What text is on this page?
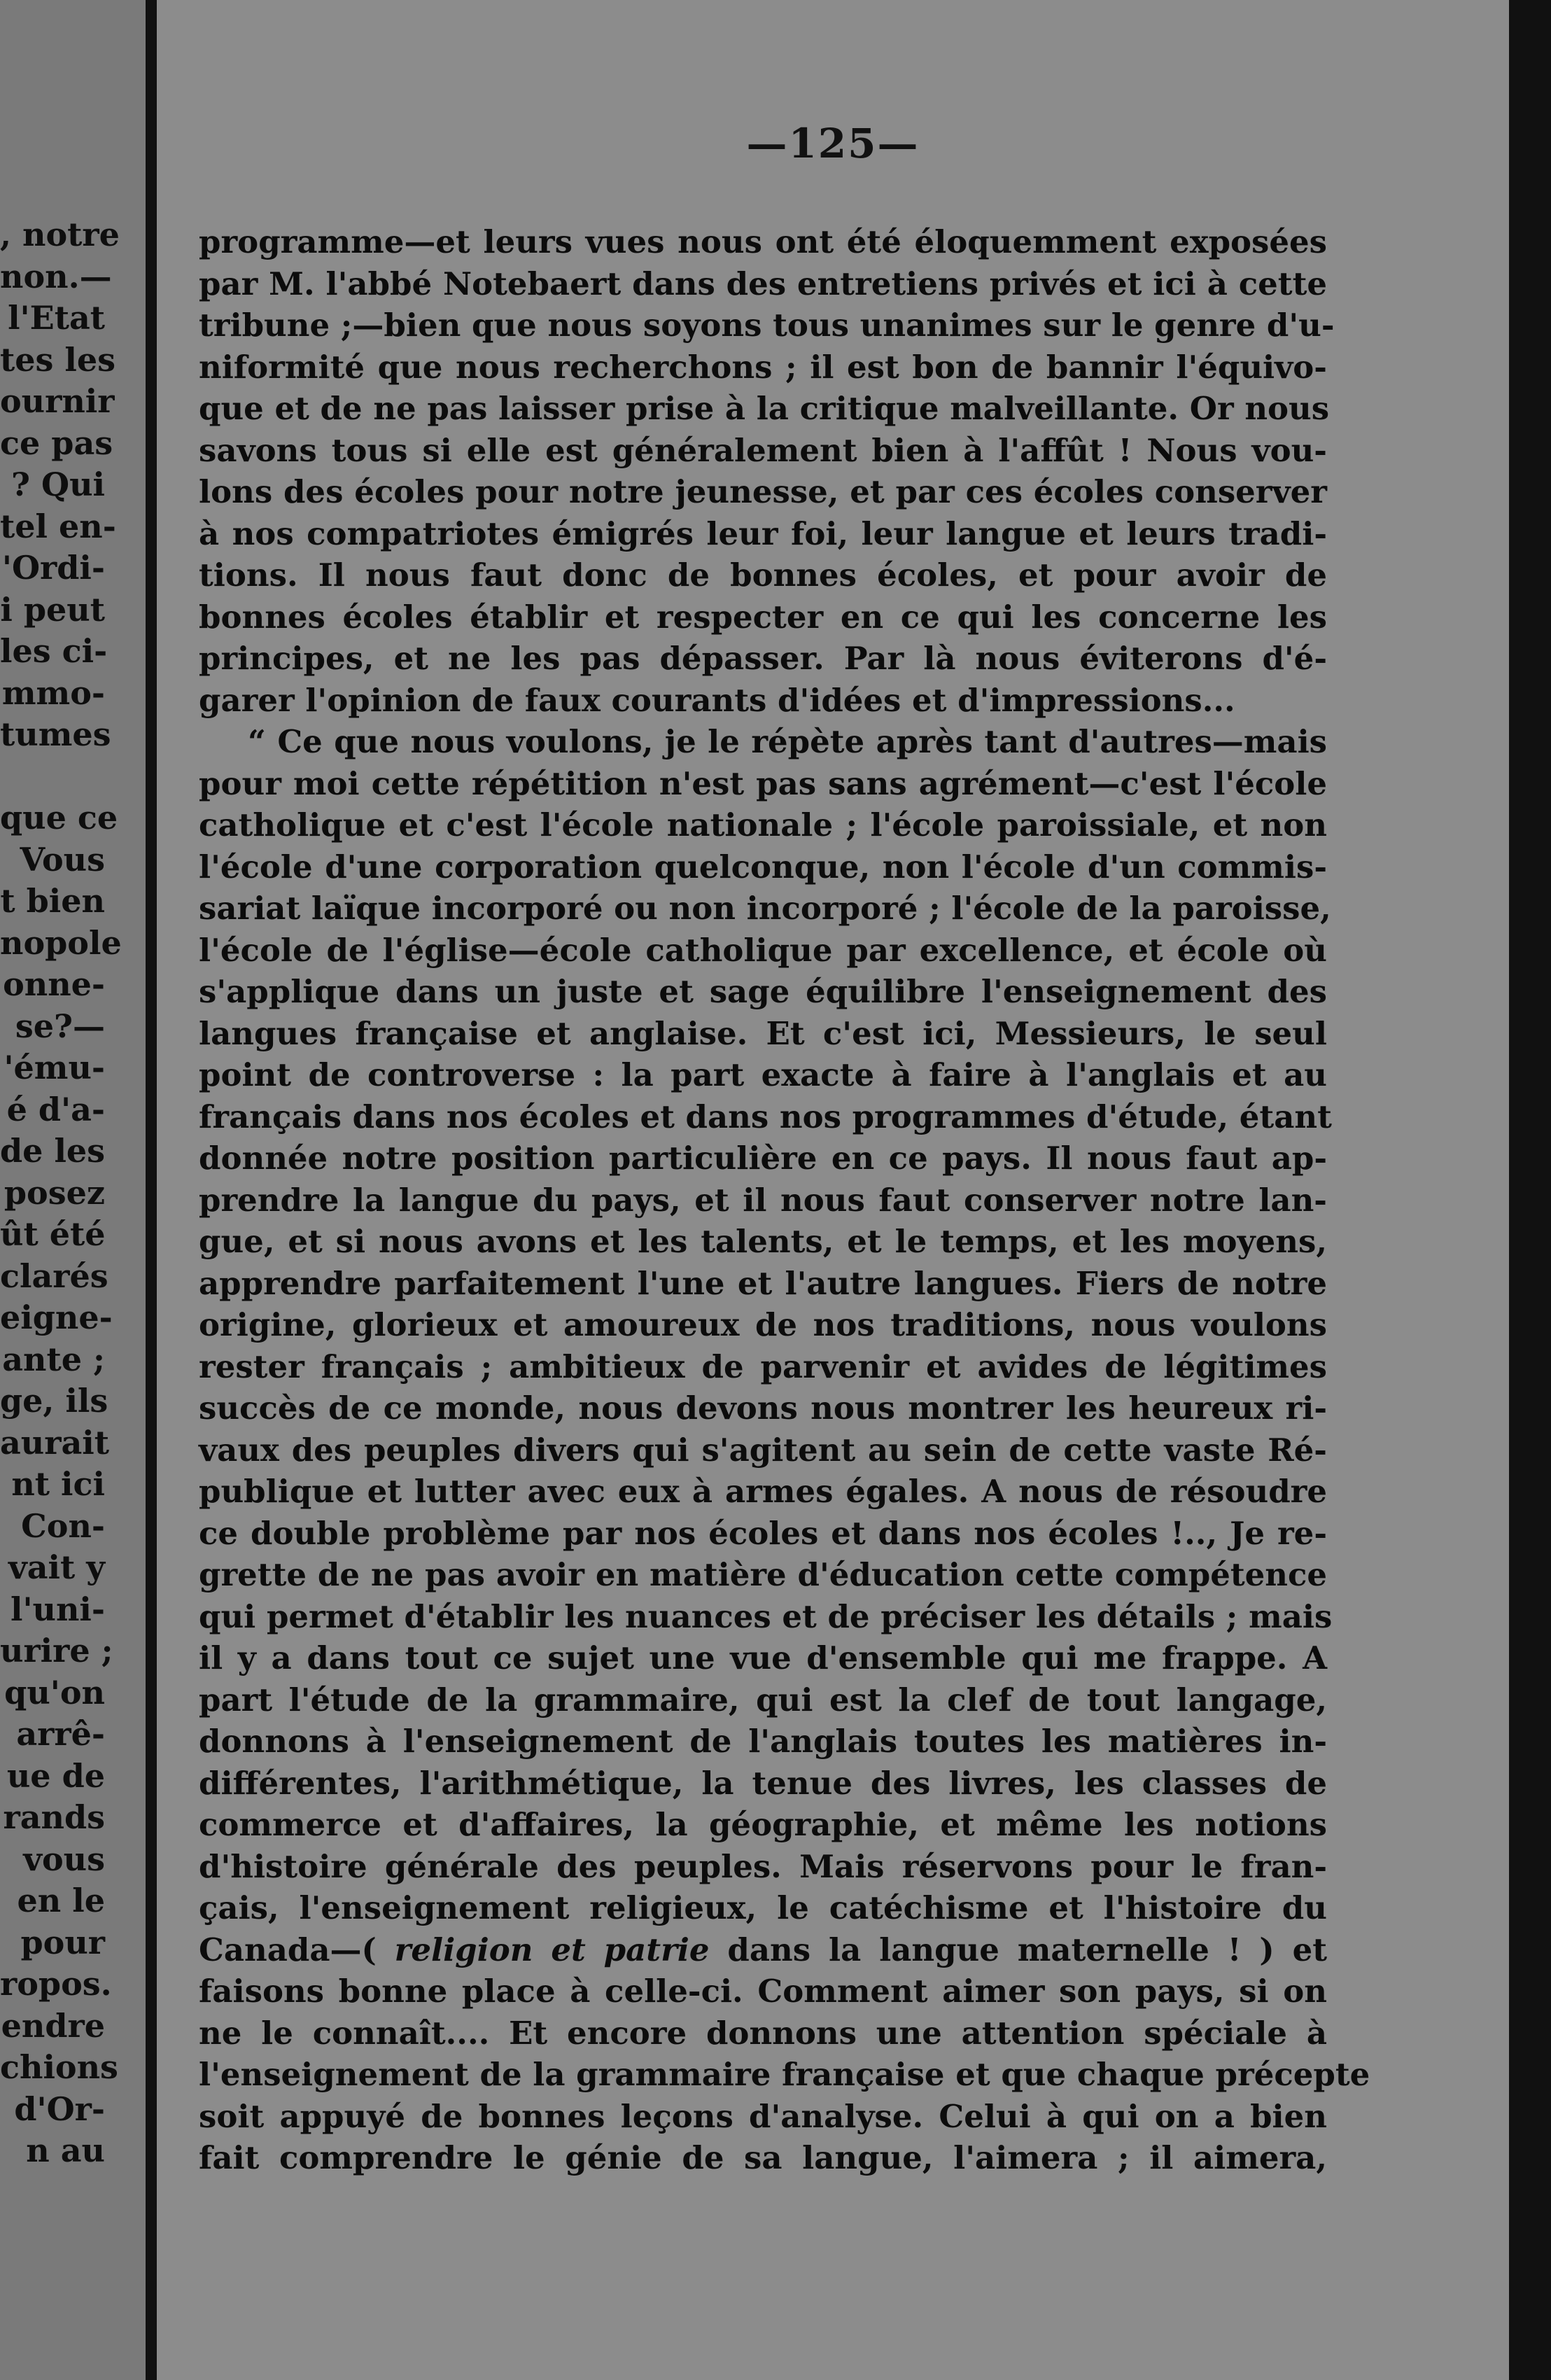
, notre
non.—
l'Etat
tes les
ournir
ce pas
? Qui
tel en-
'Ordi-
i peut
les ci-
mmo-
tumes
que ce
Vous
t bien
nopole
onne-
se?—
'ému-
é d'a-
de les
posez
ût été
clarés
eigne-
ante ;
ge, ils
aurait
nt ici
Con-
vait y
l'uni-
urire ;
qu'on
arrê-
ue de
rands
vous
en le
pour
ropos.
endre
chions
d'Or-
n au
—125—
programme—et leurs vues nous ont été éloquemment exposées
par M. l'abbé Notebaert dans des entretiens privés et ici à cette
tribune ;—bien que nous soyons tous unanimes sur le genre d'u-
niformité que nous recherchons ; il est bon de bannir l'équivo-
que et de ne pas laisser prise à la critique malveillante. Or nous
savons tous si elle est généralement bien à l'affût ! Nous vou-
lons des écoles pour notre jeunesse, et par ces écoles conserver
à nos compatriotes émigrés leur foi, leur langue et leurs tradi-
tions. Il nous faut donc de bonnes écoles, et pour avoir de
bonnes écoles établir et respecter en ce qui les concerne les
principes, et ne les pas dépasser. Par là nous éviterons d'é-
garer l'opinion de faux courants d'idées et d'impressions...
“ Ce que nous voulons, je le répète après tant d'autres—mais
pour moi cette répétition n'est pas sans agrément—c'est l'école
catholique et c'est l'école nationale ; l'école paroissiale, et non
l'école d'une corporation quelconque, non l'école d'un commis-
sariat laïque incorporé ou non incorporé ; l'école de la paroisse,
l'école de l'église—école catholique par excellence, et école où
s'applique dans un juste et sage équilibre l'enseignement des
langues française et anglaise. Et c'est ici, Messieurs, le seul
point de controverse : la part exacte à faire à l'anglais et au
français dans nos écoles et dans nos programmes d'étude, étant
donnée notre position particulière en ce pays. Il nous faut ap-
prendre la langue du pays, et il nous faut conserver notre lan-
gue, et si nous avons et les talents, et le temps, et les moyens,
apprendre parfaitement l'une et l'autre langues. Fiers de notre
origine, glorieux et amoureux de nos traditions, nous voulons
rester français ; ambitieux de parvenir et avides de légitimes
succès de ce monde, nous devons nous montrer les heureux ri-
vaux des peuples divers qui s'agitent au sein de cette vaste Ré-
publique et lutter avec eux à armes égales. A nous de résoudre
ce double problème par nos écoles et dans nos écoles !.., Je re-
grette de ne pas avoir en matière d'éducation cette compétence
qui permet d'établir les nuances et de préciser les détails ; mais
il y a dans tout ce sujet une vue d'ensemble qui me frappe. A
part l'étude de la grammaire, qui est la clef de tout langage,
donnons à l'enseignement de l'anglais toutes les matières in-
différentes, l'arithmétique, la tenue des livres, les classes de
commerce et d'affaires, la géographie, et même les notions
d'histoire générale des peuples. Mais réservons pour le fran-
çais, l'enseignement religieux, le catéchisme et l'histoire du
Canada—( religion et patrie dans la langue maternelle ! ) et
faisons bonne place à celle-ci. Comment aimer son pays, si on
ne le connaît.... Et encore donnons une attention spéciale à
l'enseignement de la grammaire française et que chaque précepte
soit appuyé de bonnes leçons d'analyse. Celui à qui on a bien
fait comprendre le génie de sa langue, l'aimera ; il aimera,
